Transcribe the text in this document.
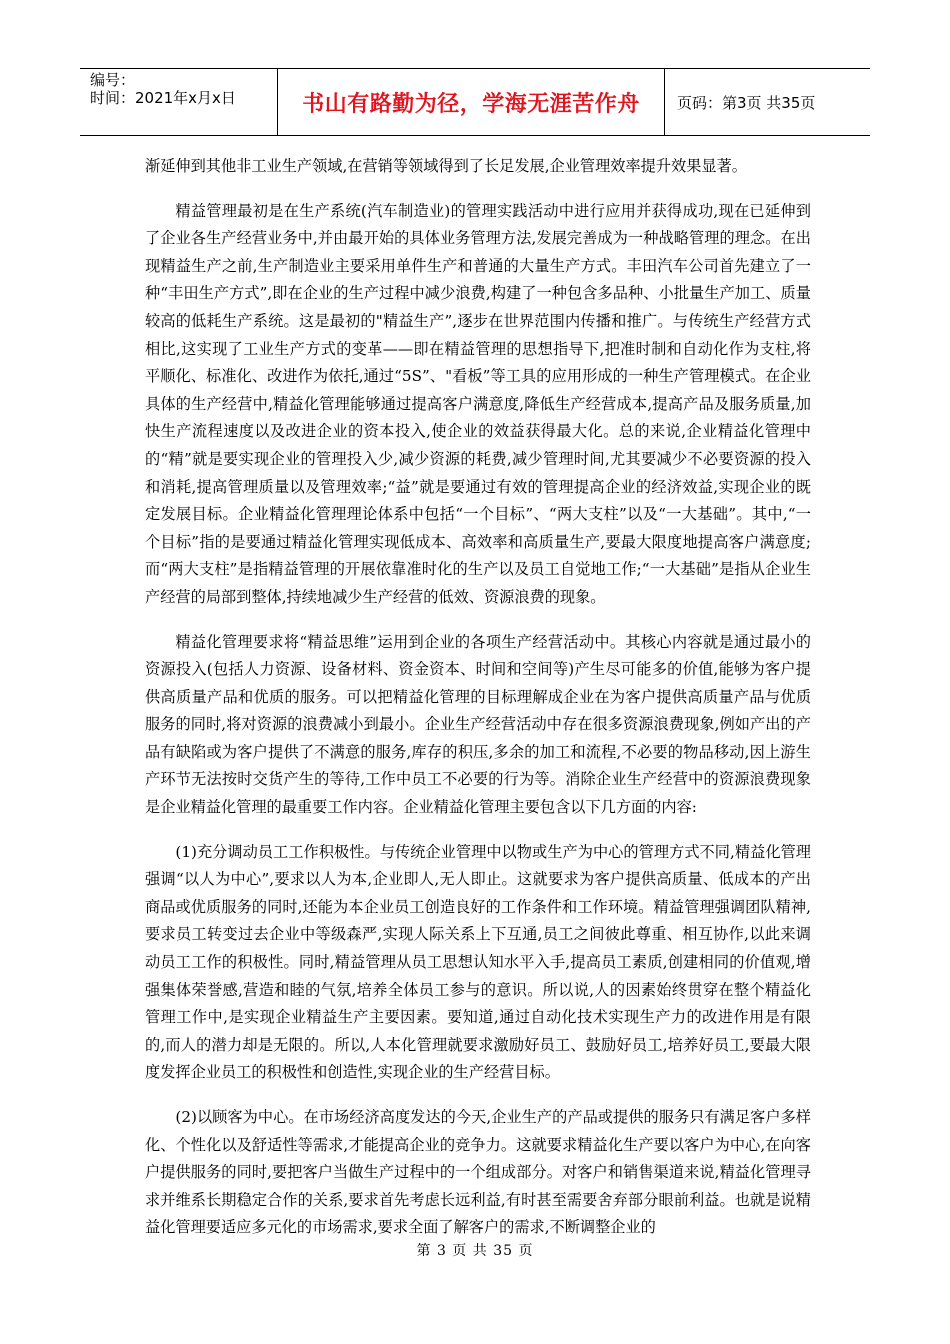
编号：
时间：2021年x月x日	书山有路勤为径，学海无涯苦作舟 页码：第3页 共35页

渐延伸到其他非工业生产领域,在营销等领域得到了长足发展,企业管理效率提升效果显著。

精益管理最初是在生产系统(汽车制造业)的管理实践活动中进行应用并获得成功,现在已延伸到了企业各生产经营业务中,并由最开始的具体业务管理方法,发展完善成为一种战略管理的理念。在出现精益生产之前,生产制造业主要采用单件生产和普通的大量生产方式。丰田汽车公司首先建立了一种“丰田生产方式”,即在企业的生产过程中减少浪费,构建了一种包含多品种、小批量生产加工、质量较高的低耗生产系统。这是最初的"精益生产”,逐步在世界范围内传播和推广。与传统生产经营方式相比,这实现了工业生产方式的变革——即在精益管理的思想指导下,把准时制和自动化作为支柱,将平顺化、标准化、改进作为依托,通过“5S”、"看板”等工具的应用形成的一种生产管理模式。在企业具体的生产经营中,精益化管理能够通过提高客户满意度,降低生产经营成本,提高产品及服务质量,加快生产流程速度以及改进企业的资本投入,使企业的效益获得最大化。总的来说,企业精益化管理中的“精”就是要实现企业的管理投入少,减少资源的耗费,减少管理时间,尤其要减少不必要资源的投入和消耗,提高管理质量以及管理效率;“益”就是要通过有效的管理提高企业的经济效益,实现企业的既定发展目标。企业精益化管理理论体系中包括“一个目标”、“两大支柱”以及“一大基础”。其中,“一个目标”指的是要通过精益化管理实现低成本、高效率和高质量生产,要最大限度地提高客户满意度;而“两大支柱”是指精益管理的开展依靠准时化的生产以及员工自觉地工作;“一大基础”是指从企业生产经营的局部到整体,持续地减少生产经营的低效、资源浪费的现象。

精益化管理要求将“精益思维”运用到企业的各项生产经营活动中。其核心内容就是通过最小的资源投入(包括人力资源、设备材料、资金资本、时间和空间等)产生尽可能多的价值,能够为客户提供高质量产品和优质的服务。可以把精益化管理的目标理解成企业在为客户提供高质量产品与优质服务的同时,将对资源的浪费减小到最小。企业生产经营活动中存在很多资源浪费现象,例如产出的产品有缺陷或为客户提供了不满意的服务,库存的积压,多余的加工和流程,不必要的物品移动,因上游生产环节无法按时交货产生的等待,工作中员工不必要的行为等。消除企业生产经营中的资源浪费现象是企业精益化管理的最重要工作内容。企业精益化管理主要包含以下几方面的内容:

(1)充分调动员工工作积极性。与传统企业管理中以物或生产为中心的管理方式不同,精益化管理强调“以人为中心”,要求以人为本,企业即人,无人即止。这就要求为客户提供高质量、低成本的产出商品或优质服务的同时,还能为本企业员工创造良好的工作条件和工作环境。精益管理强调团队精神,要求员工转变过去企业中等级森严,实现人际关系上下互通,员工之间彼此尊重、相互协作,以此来调动员工工作的积极性。同时,精益管理从员工思想认知水平入手,提高员工素质,创建相同的价值观,增强集体荣誉感,营造和睦的气氛,培养全体员工参与的意识。所以说,人的因素始终贯穿在整个精益化管理工作中,是实现企业精益生产主要因素。要知道,通过自动化技术实现生产力的改进作用是有限的,而人的潜力却是无限的。所以,人本化管理就要求激励好员工、鼓励好员工,培养好员工,要最大限度发挥企业员工的积极性和创造性,实现企业的生产经营目标。

(2)以顾客为中心。在市场经济高度发达的今天,企业生产的产品或提供的服务只有满足客户多样化、个性化以及舒适性等需求,才能提高企业的竞争力。这就要求精益化生产要以客户为中心,在向客户提供服务的同时,要把客户当做生产过程中的一个组成部分。对客户和销售渠道来说,精益化管理寻求并维系长期稳定合作的关系,要求首先考虑长远利益,有时甚至需要舍弃部分眼前利益。也就是说精益化管理要适应多元化的市场需求,要求全面了解客户的需求,不断调整企业的

第 3 页 共 35 页
